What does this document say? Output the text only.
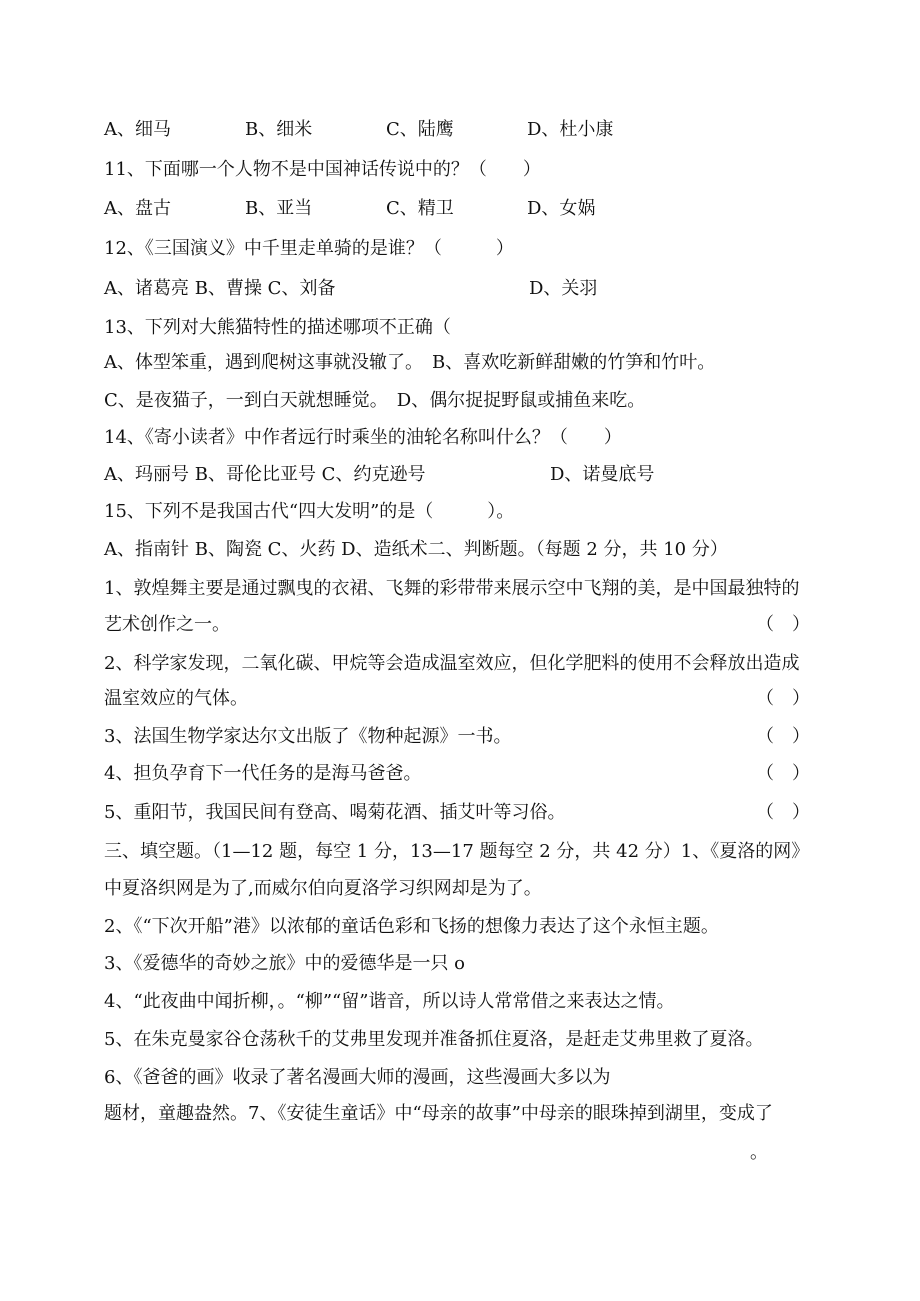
A、细马	B、细米	C、陆鹰	D、杜小康
11、下面哪一个人物不是中国神话传说中的？（　　）
A、盘古	B、亚当	C、精卫	D、女娲
12、《三国演义》中千里走单骑的是谁？（　　　）
A、诸葛亮 B、曹操 C、刘备	D、关羽
13、下列对大熊猫特性的描述哪项不正确（
A、体型笨重，遇到爬树这事就没辙了。　B、喜欢吃新鲜甜嫩的竹笋和竹叶。
C、是夜猫子，一到白天就想睡觉。　D、偶尔捉捉野鼠或捕鱼来吃。
14、《寄小读者》中作者远行时乘坐的油轮名称叫什么？（　　）
A、玛丽号 B、哥伦比亚号 C、约克逊号	D、诺曼底号
15、下列不是我国古代“四大发明”的是（　　　）。
A、指南针 B、陶瓷 C、火药 D、造纸术二、判断题。（每题 2 分，共 10 分）
1、敦煌舞主要是通过飘曳的衣裙、飞舞的彩带带来展示空中飞翔的美，是中国最独特的
艺术创作之一。	（　）
2、科学家发现，二氧化碳、甲烷等会造成温室效应，但化学肥料的使用不会释放出造成
温室效应的气体。	（　）
3、法国生物学家达尔文出版了《物种起源》一书。	（　）
4、担负孕育下一代任务的是海马爸爸。	（　）
5、重阳节，我国民间有登高、喝菊花酒、插艾叶等习俗。	（　）
三、填空题。（1—12 题，每空 1 分，13—17 题每空 2 分，共 42 分）1、《夏洛的网》
中夏洛织网是为了,而威尔伯向夏洛学习织网却是为了。
2、《“下次开船”港》以浓郁的童话色彩和飞扬的想像力表达了这个永恒主题。
3、《爱德华的奇妙之旅》中的爱德华是一只 o
4、“此夜曲中闻折柳，。“柳”“留”谐音，所以诗人常常借之来表达之情。
5、在朱克曼家谷仓荡秋千的艾弗里发现并准备抓住夏洛，是赶走艾弗里救了夏洛。
6、《爸爸的画》收录了著名漫画大师的漫画，这些漫画大多以为
题材，童趣盎然。7、《安徒生童话》中“母亲的故事”中母亲的眼珠掉到湖里，变成了
。
